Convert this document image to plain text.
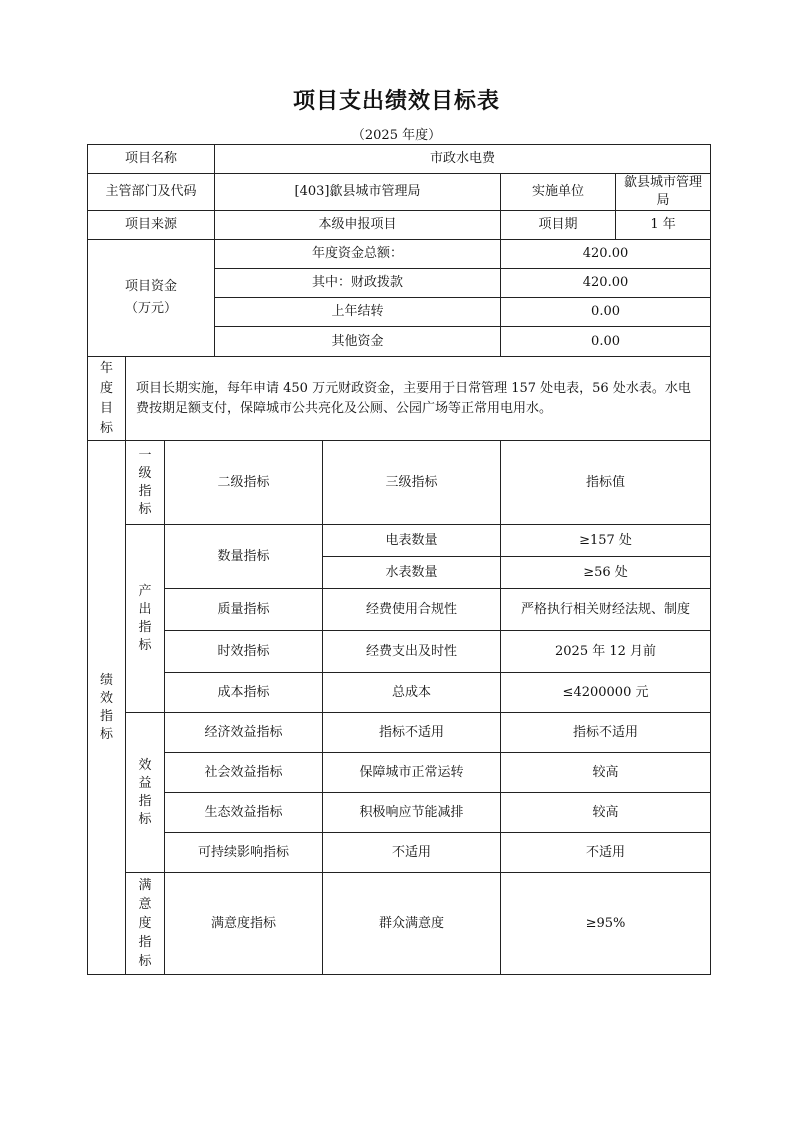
项目支出绩效目标表
（2025 年度）
项目名称			市政水电费			
主管部门及代码			[403]歙县城市管理局		实施单位	歙县城市管理局
项目来源			本级申报项目		项目期	1 年

项目资金
（万元）			年度资金总额：		420.00	
			其中：财政拨款		420.00	
			上年结转		0.00	
			其他资金		0.00	

年
度
目
标	项目长期实施，每年申请 450 万元财政资金，主要用于日常管理 157 处电表，56 处水表。水电费按期足额支付，保障城市公共亮化及公厕、公园广场等正常用电用水。					

绩
效
指
标	一
级
指
标	二级指标		三级指标	指标值	

	产
出
指
标	数量指标		电表数量	≥157 处	
				水表数量	≥56 处	
		质量指标		经费使用合规性	严格执行相关财经法规、制度	
		时效指标		经费支出及时性	2025 年 12 月前	
		成本指标		总成本	≤4200000 元	

	效
益
指
标	经济效益指标		指标不适用	指标不适用	
		社会效益指标		保障城市正常运转	较高	
		生态效益指标		积极响应节能减排	较高	
		可持续影响指标		不适用	不适用	

	满
意
度
指
标	满意度指标		群众满意度	≥95%	
